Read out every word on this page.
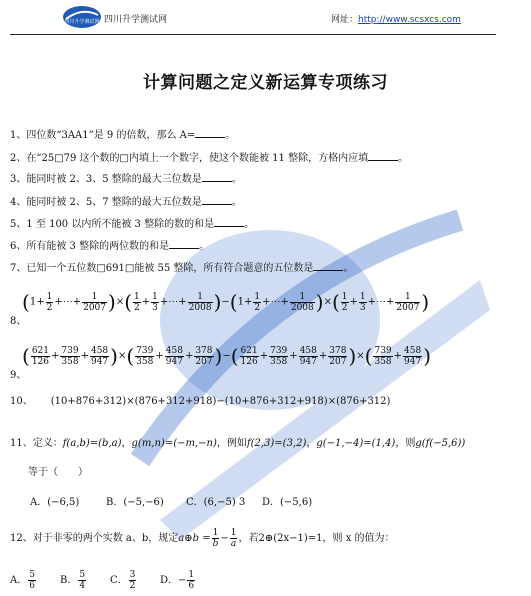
四川升学测试网 四川升学测试网	网址：http://www.scsxcs.com
计算问题之定义新运算专项练习
1、四位数“3AA1”是 9 的倍数，那么 A=	。
2、在“25□79 这个数的□内填上一个数字，使这个数能被 11 整除，方格内应填	。
3、能同时被 2、3、5 整除的最大三位数是	。
4、能同时被 2、5、7 整除的最大五位数是	。
5、1 至 100 以内所不能被 3 整除的数的和是	。
6、所有能被 3 整除的两位数的和是	。
7、已知一个五位数□691□能被 55 整除，所有符合题意的五位数是	。
8、
($1+ \frac{1}{2}$ +⋯+ $\frac{1}{2007}$ )×( $\frac{1}{2} + \frac{1}{3}$ +⋯+ $\frac{1}{2008} )-(1+ \frac{1}{2}$ +⋯+ $\frac{1}{2008}$ )×( $\frac{1}{2} + \frac{1}{3}$ +⋯+ $\frac{1}{2007}$ )
9、
( $\frac{621}{126} + \frac{739}{358} + \frac{458}{947}$ )×( $\frac{739}{358} + \frac{458}{947} + \frac{378}{207}$ )−( $\frac{621}{126} + \frac{739}{358} + \frac{458}{947} + \frac{378}{207}$ )×( $\frac{739}{358} + \frac{458}{947}$ )
10、 (10+876+312)×(876+312+918)−(10+876+312+918)×(876+312)
11、定义：f(a,b)=(b,a)，g(m,n)=(−m,−n)，例如f(2,3)=(3,2)，g(−1,−4)=(1,4)，则g(f(−5,6))
等于（　　）
A．(−6,5)	B．(−5,−6) C．(6,−5) 3 D．(−5,6)
12、对于非零的两个实数 a、b，规定a⊕b = $\frac{1}{b} - \frac{1}{a}$ ，若2⊕(2x−1)=1，则 x 的值为：
A． $\frac{5}{6}$ B． $\frac{5}{4}$ C． $\frac{3}{2}$ D．− $\frac{1}{6}$
